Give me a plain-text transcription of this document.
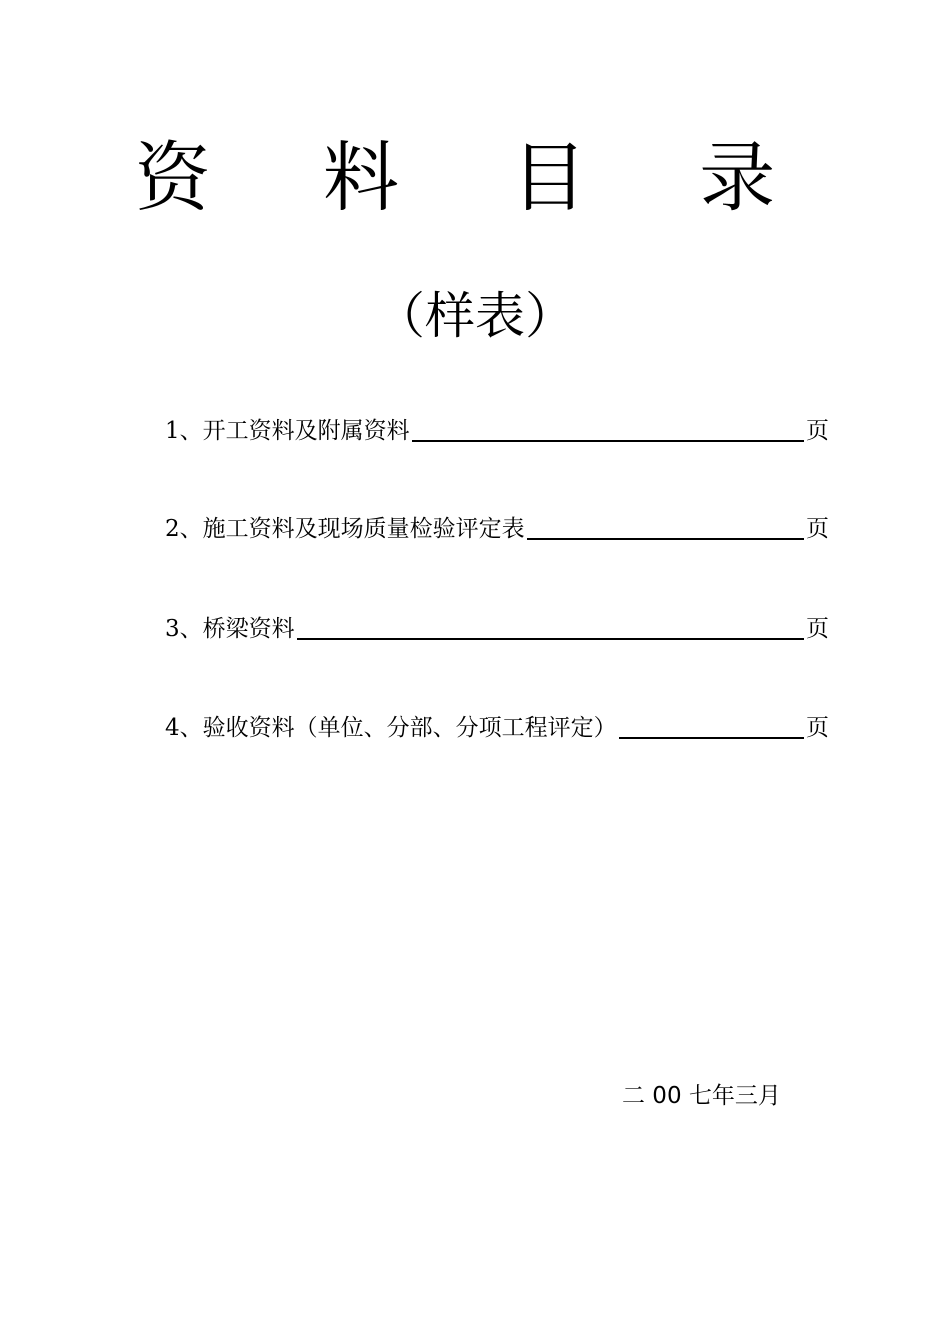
资 料 目 录
（样表）
1、开工资料及附属资料	页
2、施工资料及现场质量检验评定表	页
3、桥梁资料	页
4、验收资料（单位、分部、分项工程评定）	页
二 00 七年三月
